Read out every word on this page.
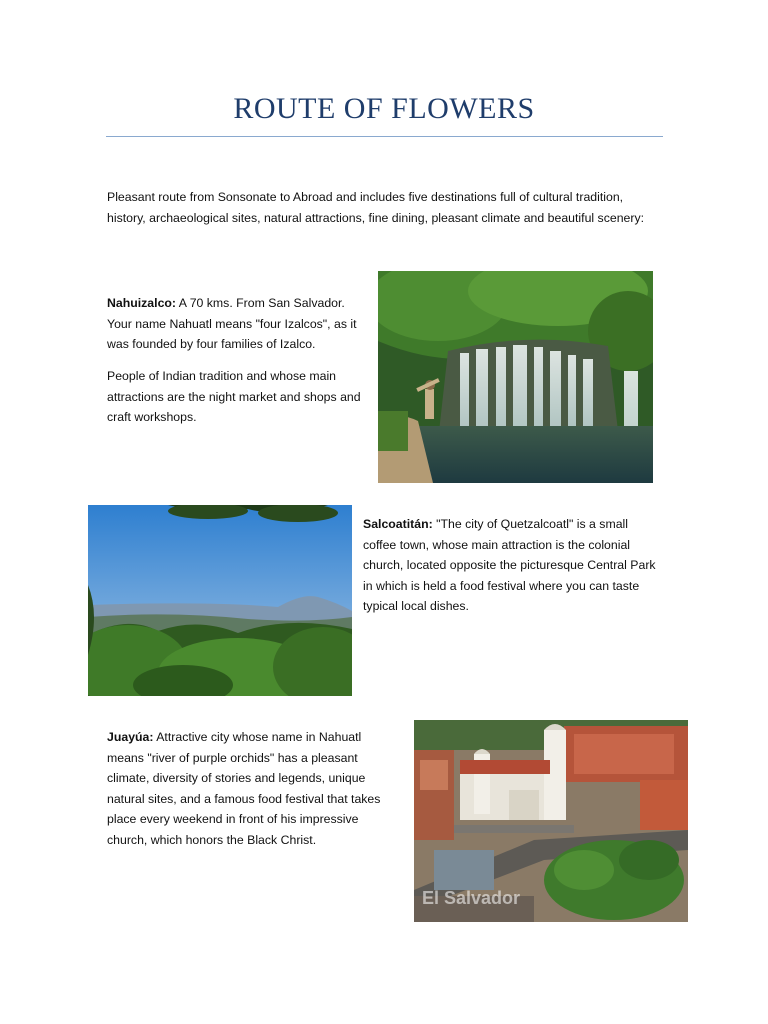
ROUTE OF FLOWERS

Pleasant route from Sonsonate to Abroad and includes five destinations full of cultural tradition, history, archaeological sites, natural attractions, fine dining, pleasant climate and beautiful scenery:

Nahuizalco: A 70 kms. From San Salvador. Your name Nahuatl means "four Izalcos", as it was founded by four families of Izalco.

People of Indian tradition and whose main attractions are the night market and shops and craft workshops.

Salcoatitán: "The city of Quetzalcoatl" is a small coffee town, whose main attraction is the colonial church, located opposite the picturesque Central Park in which is held a food festival where you can taste typical local dishes.

Juayúa: Attractive city whose name in Nahuatl means "river of purple orchids" has a pleasant climate, diversity of stories and legends, unique natural sites, and a famous food festival that takes place every weekend in front of his impressive church, which honors the Black Christ.

El Salvador
